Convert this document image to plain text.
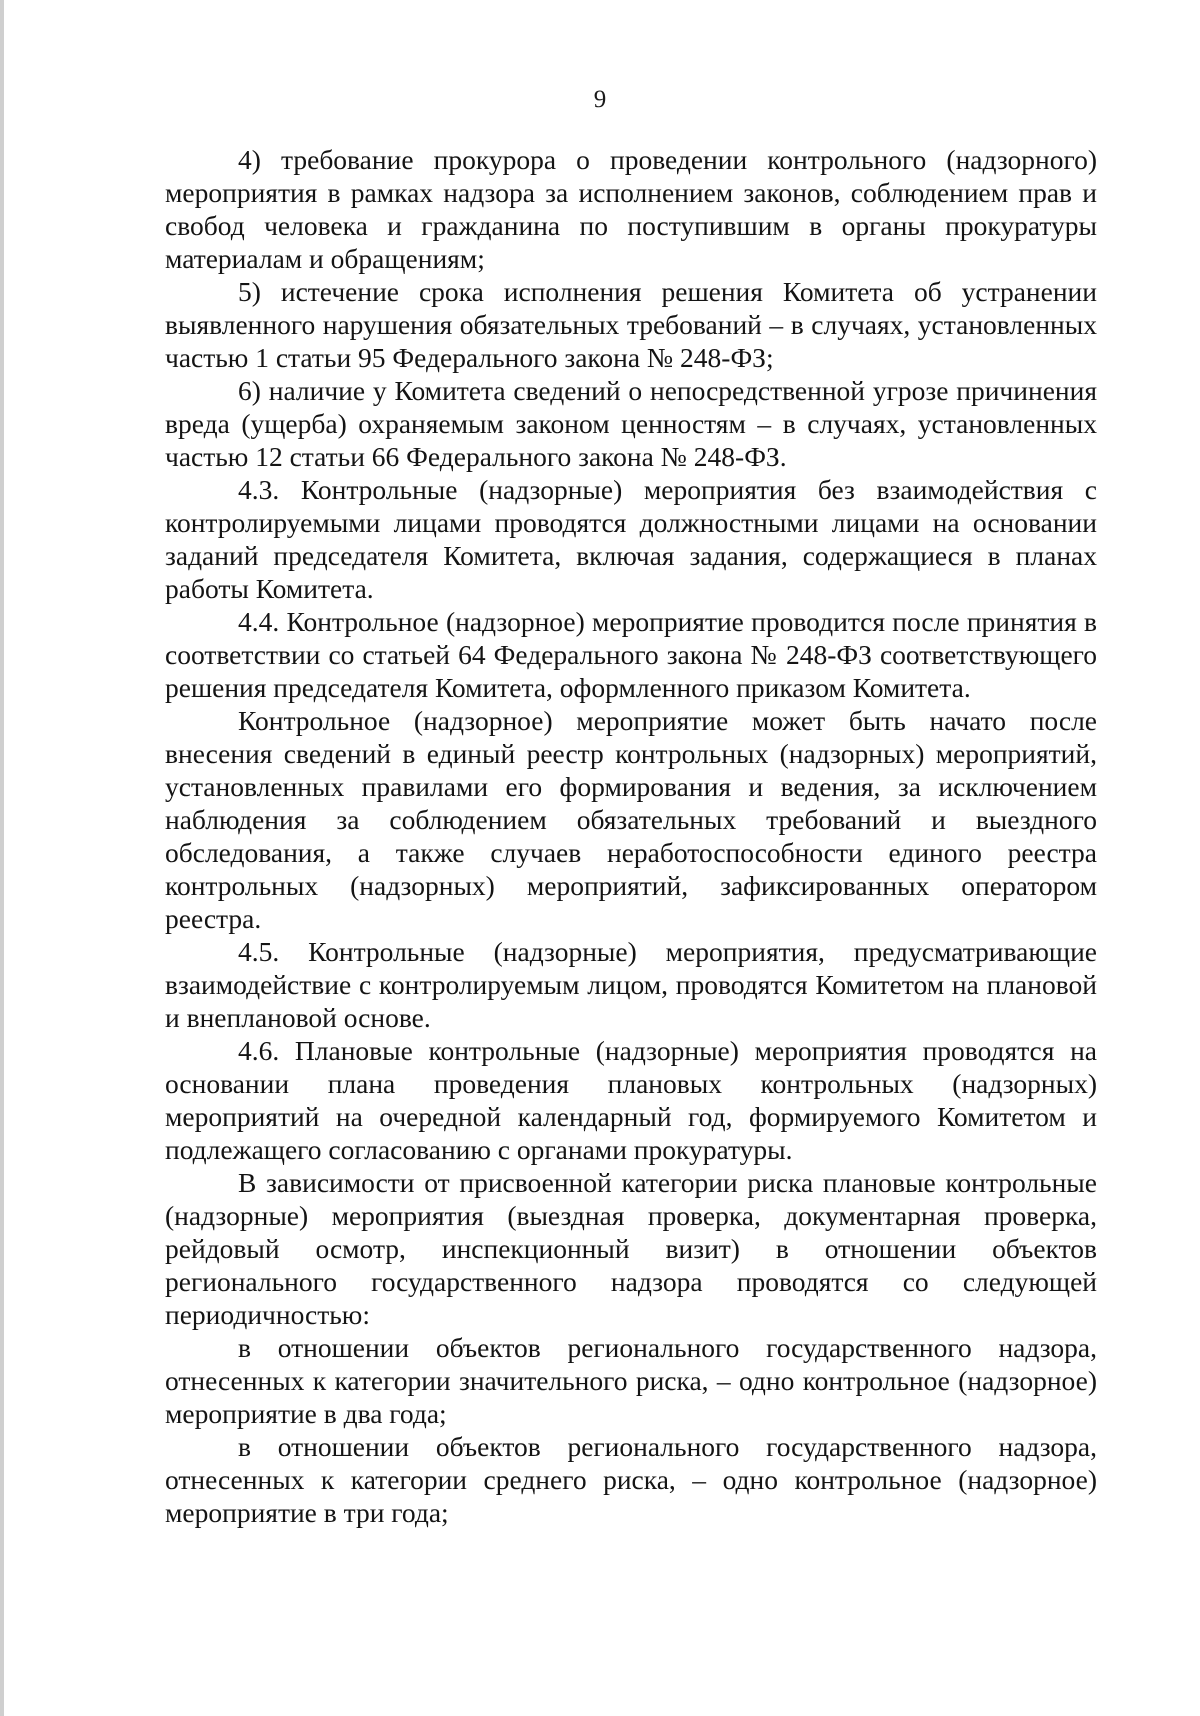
9

4) требование прокурора о проведении контрольного (надзорного) мероприятия в рамках надзора за исполнением законов, соблюдением прав и свобод человека и гражданина по поступившим в органы прокуратуры материалам и обращениям;

5) истечение срока исполнения решения Комитета об устранении выявленного нарушения обязательных требований – в случаях, установленных частью 1 статьи 95 Федерального закона № 248-ФЗ;

6) наличие у Комитета сведений о непосредственной угрозе причинения вреда (ущерба) охраняемым законом ценностям – в случаях, установленных частью 12 статьи 66 Федерального закона № 248-ФЗ.

4.3. Контрольные (надзорные) мероприятия без взаимодействия с контролируемыми лицами проводятся должностными лицами на основании заданий председателя Комитета, включая задания, содержащиеся в планах работы Комитета.

4.4. Контрольное (надзорное) мероприятие проводится после принятия в соответствии со статьей 64 Федерального закона № 248-ФЗ соответствующего решения председателя Комитета, оформленного приказом Комитета.

Контрольное (надзорное) мероприятие может быть начато после внесения сведений в единый реестр контрольных (надзорных) мероприятий, установленных правилами его формирования и ведения, за исключением наблюдения за соблюдением обязательных требований и выездного обследования, а также случаев неработоспособности единого реестра контрольных (надзорных) мероприятий, зафиксированных оператором реестра.

4.5. Контрольные (надзорные) мероприятия, предусматривающие взаимодействие с контролируемым лицом, проводятся Комитетом на плановой и внеплановой основе.

4.6. Плановые контрольные (надзорные) мероприятия проводятся на основании плана проведения плановых контрольных (надзорных) мероприятий на очередной календарный год, формируемого Комитетом и подлежащего согласованию с органами прокуратуры.

В зависимости от присвоенной категории риска плановые контрольные (надзорные) мероприятия (выездная проверка, документарная проверка, рейдовый осмотр, инспекционный визит) в отношении объектов регионального государственного надзора проводятся со следующей периодичностью:

в отношении объектов регионального государственного надзора, отнесенных к категории значительного риска, – одно контрольное (надзорное) мероприятие в два года;

в отношении объектов регионального государственного надзора, отнесенных к категории среднего риска, – одно контрольное (надзорное) мероприятие в три года;
